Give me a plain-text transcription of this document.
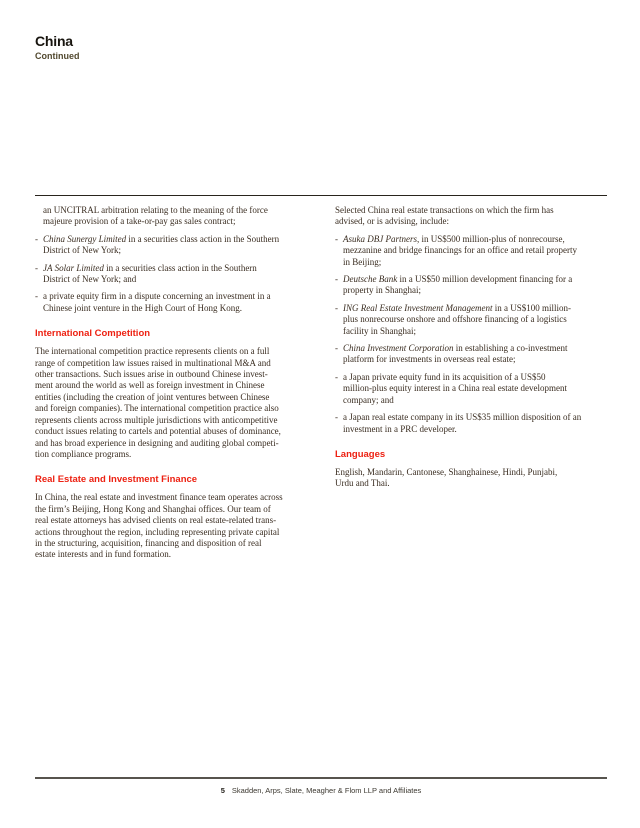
China
Continued
an UNCITRAL arbitration relating to the meaning of the force
majeure provision of a take-or-pay gas sales contract;
- China Sunergy Limited in a securities class action in the Southern
District of New York;
- JA Solar Limited in a securities class action in the Southern
District of New York; and
- a private equity firm in a dispute concerning an investment in a
Chinese joint venture in the High Court of Hong Kong.
International Competition
The international competition practice represents clients on a full
range of competition law issues raised in multinational M&A and
other transactions. Such issues arise in outbound Chinese invest-
ment around the world as well as foreign investment in Chinese
entities (including the creation of joint ventures between Chinese
and foreign companies). The international competition practice also
represents clients across multiple jurisdictions with anticompetitive
conduct issues relating to cartels and potential abuses of dominance,
and has broad experience in designing and auditing global competi-
tion compliance programs.
Real Estate and Investment Finance
In China, the real estate and investment finance team operates across
the firm’s Beijing, Hong Kong and Shanghai offices. Our team of
real estate attorneys has advised clients on real estate-related trans-
actions throughout the region, including representing private capital
in the structuring, acquisition, financing and disposition of real
estate interests and in fund formation.
Selected China real estate transactions on which the firm has
advised, or is advising, include:
- Asuka DBJ Partners, in US$500 million-plus of nonrecourse,
mezzanine and bridge financings for an office and retail property
in Beijing;
- Deutsche Bank in a US$50 million development financing for a
property in Shanghai;
- ING Real Estate Investment Management in a US$100 million-
plus nonrecourse onshore and offshore financing of a logistics
facility in Shanghai;
- China Investment Corporation in establishing a co-investment
platform for investments in overseas real estate;
- a Japan private equity fund in its acquisition of a US$50
million-plus equity interest in a China real estate development
company; and
- a Japan real estate company in its US$35 million disposition of an
investment in a PRC developer.
Languages
English, Mandarin, Cantonese, Shanghainese, Hindi, Punjabi,
Urdu and Thai.
5 Skadden, Arps, Slate, Meagher & Flom LLP and Affiliates
